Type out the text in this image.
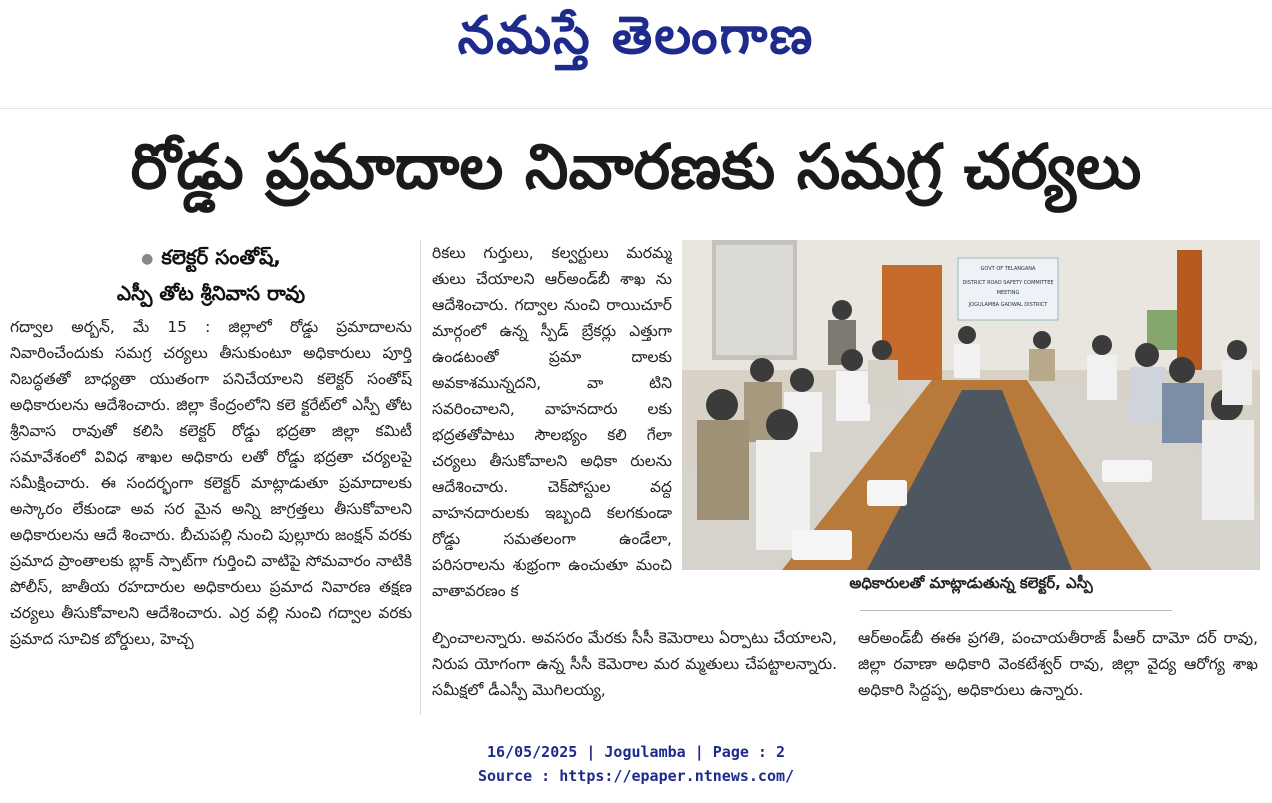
నమస్తే తెలంగాణ
రోడ్డు ప్రమాదాల నివారణకు సమగ్ర చర్యలు
● కలెక్టర్ సంతోష్,
ఎస్పీ తోట శ్రీనివాస రావు
గద్వాల అర్బన్, మే 15 : జిల్లాలో రోడ్డు ప్రమాదాలను నివారించేందుకు సమగ్ర చర్యలు తీసుకుంటూ అధికారులు పూర్తి నిబద్ధతతో బాధ్యతా యుతంగా పనిచేయాలని కలెక్టర్ సంతోష్ అధికారులను ఆదేశించారు. జిల్లా కేంద్రంలోని కలె క్టరేట్‌లో ఎస్పీ తోట శ్రీనివాస రావుతో కలిసి కలెక్టర్ రోడ్డు భద్రతా జిల్లా కమిటీ సమావేశంలో వివిధ శాఖల అధికారు లతో రోడ్డు భద్రతా చర్యలపై సమీక్షించారు. ఈ సందర్భంగా కలెక్టర్ మాట్లాడుతూ ప్రమాదాలకు అస్కారం లేకుండా అవ సర మైన అన్ని జాగ్రత్తలు తీసుకోవాలని అధికారులను ఆదే శించారు. బీచుపల్లి నుంచి పుల్లూరు జంక్షన్ వరకు ప్రమాద ప్రాంతాలకు బ్లాక్ స్పాట్‌గా గుర్తించి వాటిపై సోమవారం నాటికి పోలీస్, జాతీయ రహదారుల అధికారులు ప్రమాద నివారణ తక్షణ చర్యలు తీసుకోవాలని ఆదేశించారు. ఎర్ర వల్లి నుంచి గద్వాల వరకు ప్రమాద సూచిక బోర్డులు, హెచ్చ
రికలు గుర్తులు, కల్వర్టులు మరమ్మ తులు చేయాలని ఆర్అండ్‌బీ శాఖ ను ఆదేశించారు. గద్వాల నుంచి రాయిచూర్ మార్గంలో ఉన్న స్పీడ్ బ్రేకర్లు ఎత్తుగా ఉండటంతో ప్రమా దాలకు అవకాశమున్నదని, వా టిని సవరించాలని, వాహనదారు లకు భద్రతతోపాటు సౌలభ్యం కలి గేలా చర్యలు తీసుకోవాలని అధికా రులను ఆదేశించారు. చెక్‌పోస్టుల వద్ద వాహనదారులకు ఇబ్బంది కలగకుండా రోడ్డు సమతలంగా ఉండేలా, పరిసరాలను శుభ్రంగా ఉంచుతూ మంచి వాతావరణం క
GOVT OF TELANGANA
DISTRICT ROAD SAFETY COMMITTEE
MEETING
JOGULAMBA GADWAL DISTRICT
అధికారులతో మాట్లాడుతున్న కలెక్టర్, ఎస్పీ
ల్పించాలన్నారు. అవసరం మేరకు సీసీ కెమెరాలు ఏర్పాటు చేయాలని, నిరుప యోగంగా ఉన్న సీసీ కెమెరాల మర మ్మతులు చేపట్టాలన్నారు. సమీక్షలో డీఎస్పీ మొగిలయ్య,
ఆర్అండ్‌బీ ఈఈ ప్రగతి, పంచాయతీరాజ్ పీఆర్ దామో దర్ రావు, జిల్లా రవాణా అధికారి వెంకటేశ్వర్ రావు, జిల్లా వైద్య ఆరోగ్య శాఖ అధికారి సిద్దప్ప, అధికారులు ఉన్నారు.
16/05/2025 | Jogulamba | Page : 2
Source : https://epaper.ntnews.com/
